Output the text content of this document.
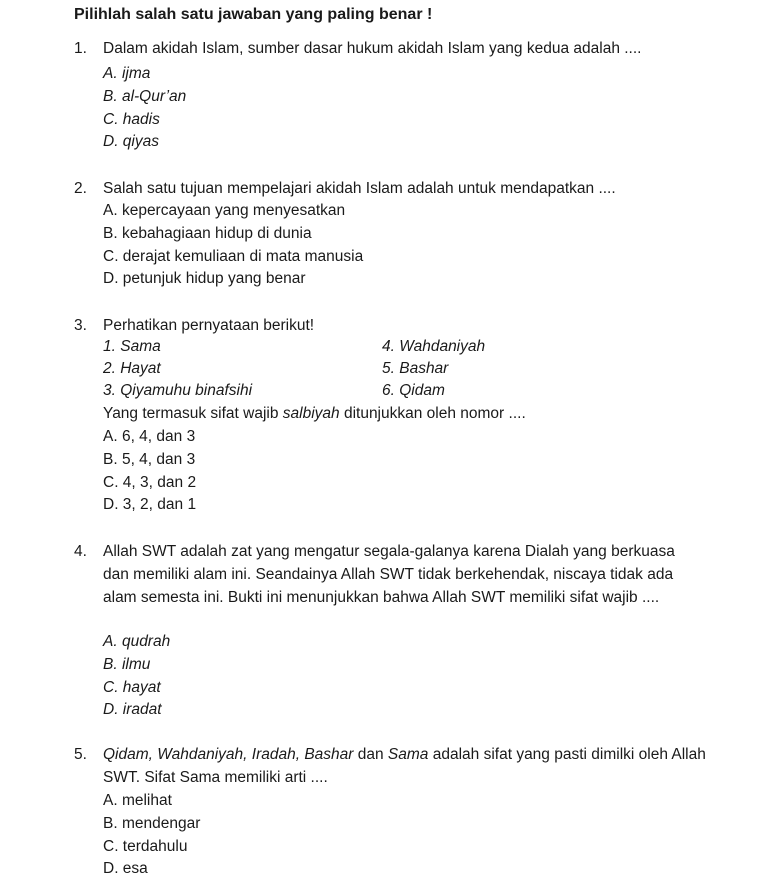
Pilihlah salah satu jawaban yang paling benar !
1. Dalam akidah Islam, sumber dasar hukum akidah Islam yang kedua adalah ....
A. ijma
B. al-Qur’an
C. hadis
D. qiyas
2. Salah satu tujuan mempelajari akidah Islam adalah untuk mendapatkan ....
A. kepercayaan yang menyesatkan
B. kebahagiaan hidup di dunia
C. derajat kemuliaan di mata manusia
D. petunjuk hidup yang benar
3. Perhatikan pernyataan berikut!
1. Sama	4. Wahdaniyah
2. Hayat	5. Bashar
3. Qiyamuhu binafsihi	6. Qidam
Yang termasuk sifat wajib salbiyah ditunjukkan oleh nomor ....
A. 6, 4, dan 3
B. 5, 4, dan 3
C. 4, 3, dan 2
D. 3, 2, dan 1
4. Allah SWT adalah zat yang mengatur segala-galanya karena Dialah yang berkuasa dan memiliki alam ini. Seandainya Allah SWT tidak berkehendak, niscaya tidak ada alam semesta ini. Bukti ini menunjukkan bahwa Allah SWT memiliki sifat wajib ....
A. qudrah
B. ilmu
C. hayat
D. iradat
5. Qidam, Wahdaniyah, Iradah, Bashar dan Sama adalah sifat yang pasti dimilki oleh Allah SWT. Sifat Sama memiliki arti ....
A. melihat
B. mendengar
C. terdahulu
D. esa
